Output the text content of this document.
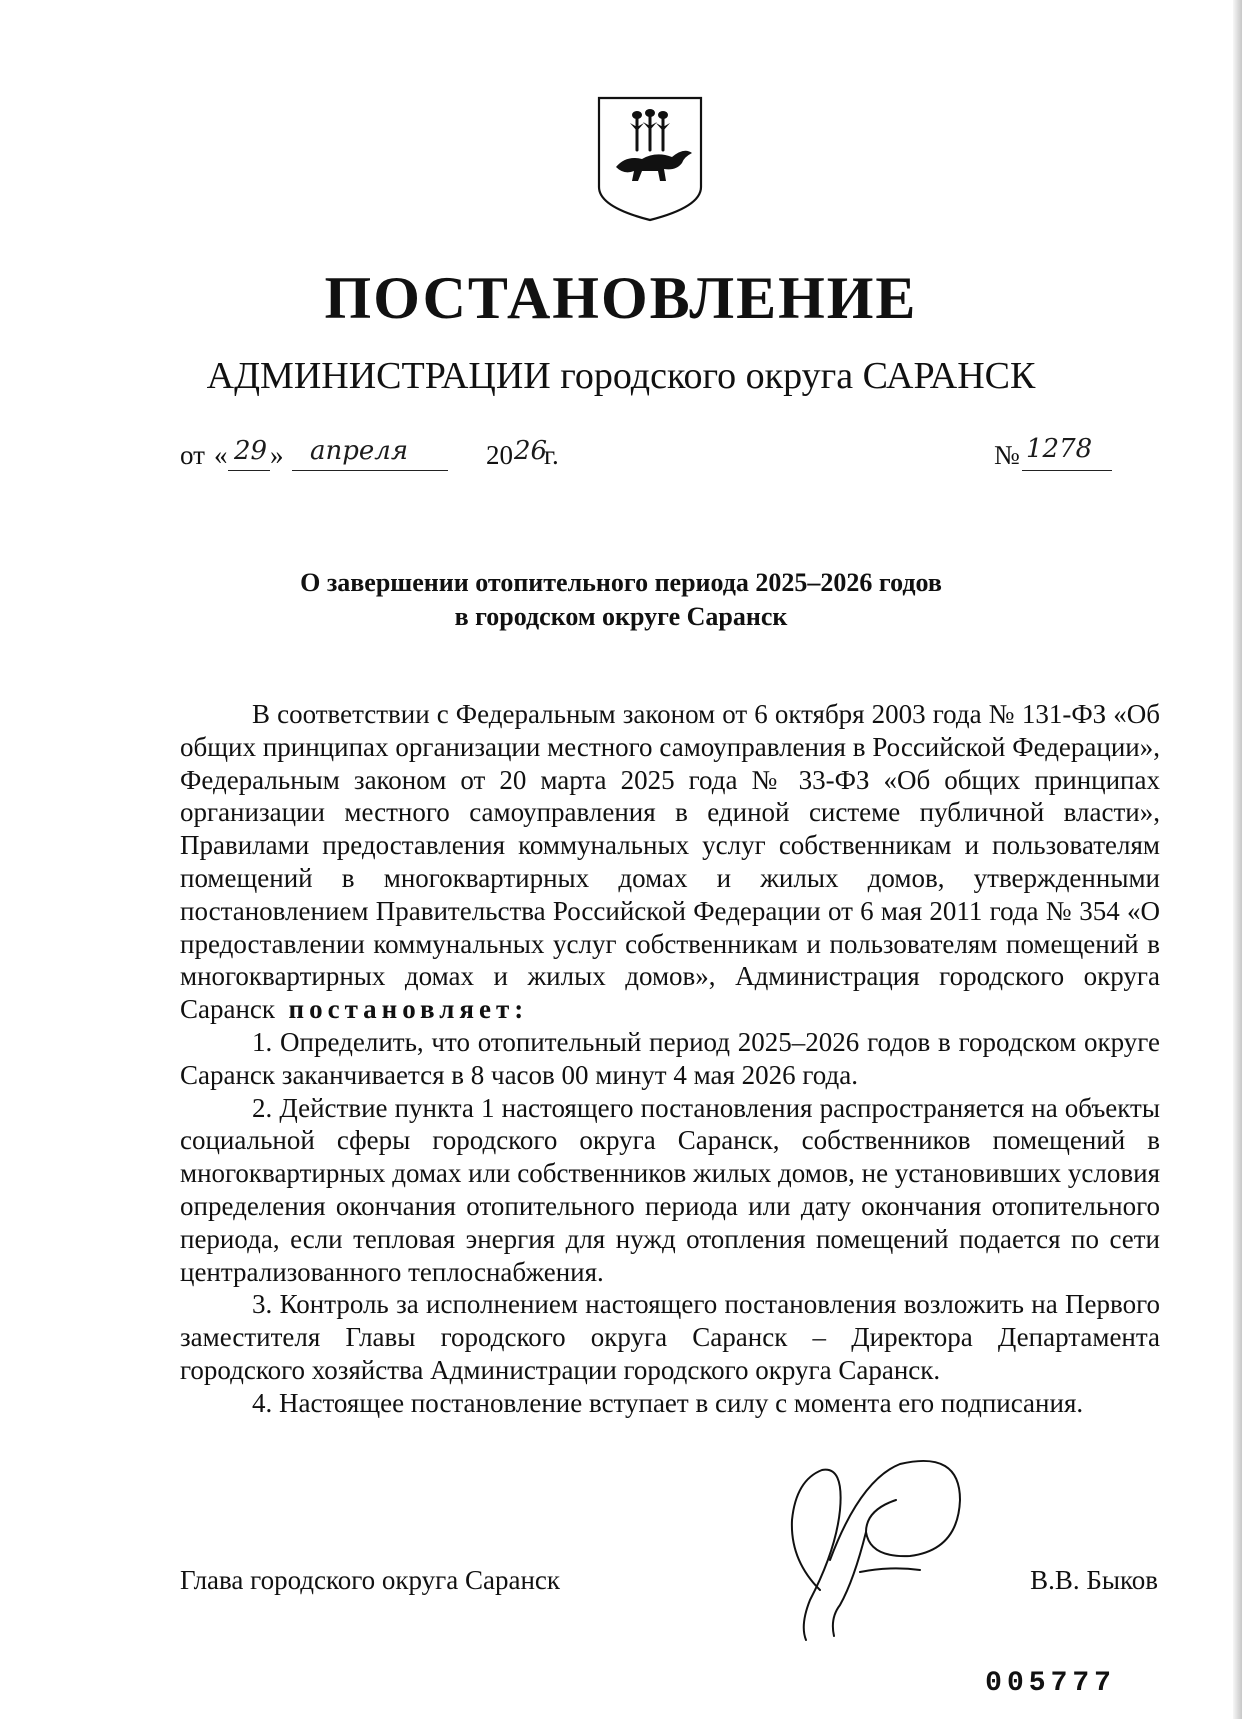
ПОСТАНОВЛЕНИЕ
АДМИНИСТРАЦИИ городского округа САРАНСК
от « 29 » апреля	20 26
г.	№ 1278
О завершении отопительного периода 2025–2026 годов
в городском округе Саранск

В соответствии с Федеральным законом от 6 октября 2003 года № 131-ФЗ «Об общих принципах организации местного самоуправления в Российской Федерации», Федеральным законом от 20 марта 2025 года № 33-ФЗ «Об общих принципах организации местного самоуправления в единой системе публичной власти», Правилами предоставления коммунальных услуг собственникам и пользователям помещений в многоквартирных домах и жилых домов, утвержденными постановлением Правительства Российской Федерации от 6 мая 2011 года № 354 «О предоставлении коммунальных услуг собственникам и пользователям помещений в многоквартирных домах и жилых домов», Администрация городского округа Саранск постановляет:

1. Определить, что отопительный период 2025–2026 годов в городском округе Саранск заканчивается в 8 часов 00 минут 4 мая 2026 года.

2. Действие пункта 1 настоящего постановления распространяется на объекты социальной сферы городского округа Саранск, собственников помещений в многоквартирных домах или собственников жилых домов, не установивших условия определения окончания отопительного периода или дату окончания отопительного периода, если тепловая энергия для нужд отопления помещений подается по сети централизованного теплоснабжения.

3. Контроль за исполнением настоящего постановления возложить на Первого заместителя Главы городского округа Саранск – Директора Департамента городского хозяйства Администрации городского округа Саранск.

4. Настоящее постановление вступает в силу с момента его подписания.

Глава городского округа Саранск	В.В. Быков
005777
